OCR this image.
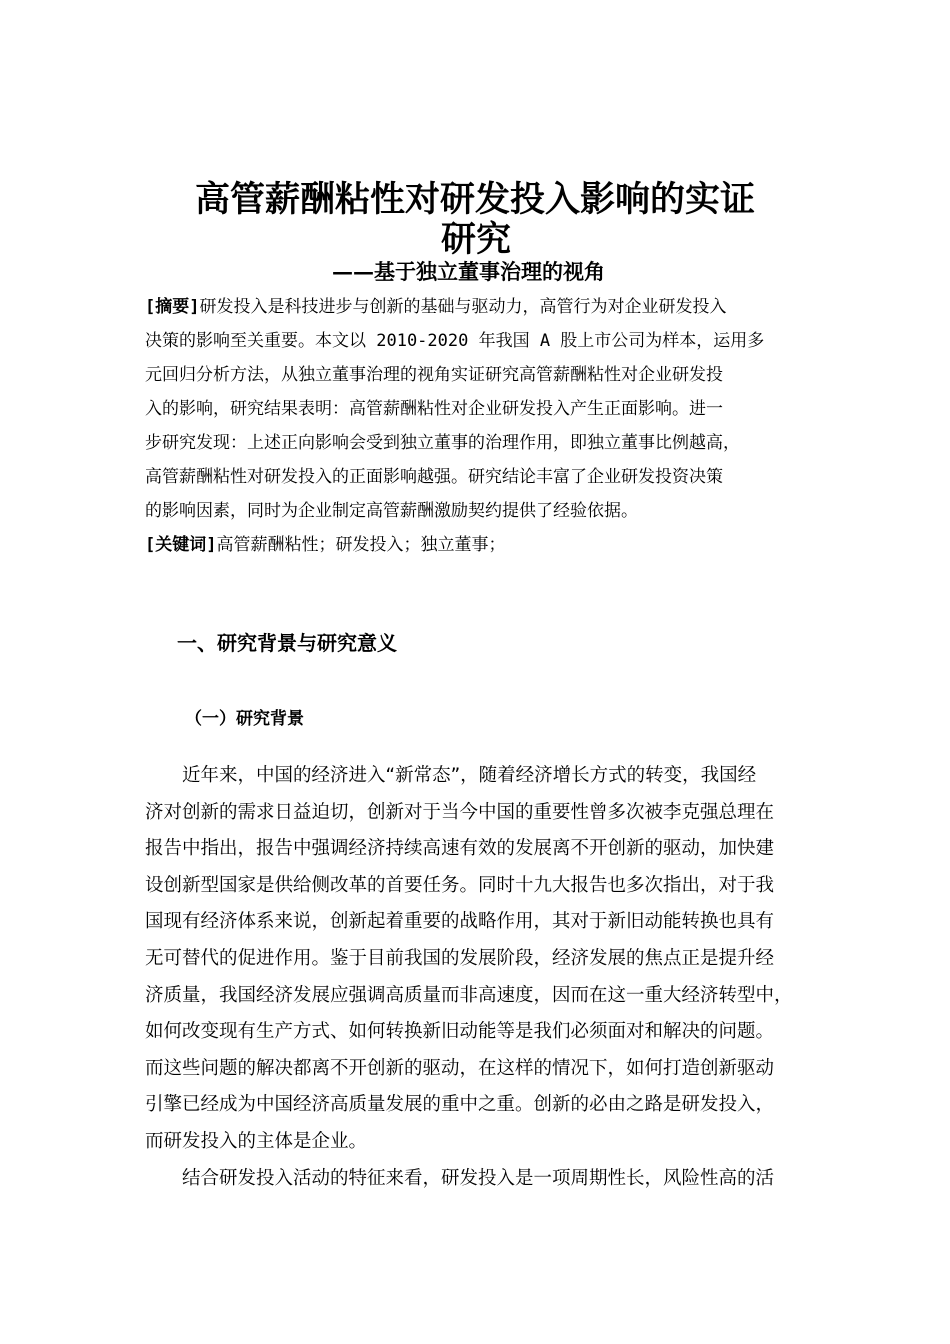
高管薪酬粘性对研发投入影响的实证
研究
——基于独立董事治理的视角
[摘要]研发投入是科技进步与创新的基础与驱动力，高管行为对企业研发投入
决策的影响至关重要。本文以 2010-2020 年我国 A 股上市公司为样本，运用多
元回归分析方法，从独立董事治理的视角实证研究高管薪酬粘性对企业研发投
入的影响，研究结果表明：高管薪酬粘性对企业研发投入产生正面影响。进一
步研究发现：上述正向影响会受到独立董事的治理作用，即独立董事比例越高，
高管薪酬粘性对研发投入的正面影响越强。研究结论丰富了企业研发投资决策
的影响因素，同时为企业制定高管薪酬激励契约提供了经验依据。
[关键词]高管薪酬粘性；研发投入；独立董事；
一、研究背景与研究意义
（一）研究背景
近年来，中国的经济进入“新常态”，随着经济增长方式的转变，我国经
济对创新的需求日益迫切，创新对于当今中国的重要性曾多次被李克强总理在
报告中指出，报告中强调经济持续高速有效的发展离不开创新的驱动，加快建
设创新型国家是供给侧改革的首要任务。同时十九大报告也多次指出，对于我
国现有经济体系来说，创新起着重要的战略作用，其对于新旧动能转换也具有
无可替代的促进作用。鉴于目前我国的发展阶段，经济发展的焦点正是提升经
济质量，我国经济发展应强调高质量而非高速度，因而在这一重大经济转型中，
如何改变现有生产方式、如何转换新旧动能等是我们必须面对和解决的问题。
而这些问题的解决都离不开创新的驱动，在这样的情况下，如何打造创新驱动
引擎已经成为中国经济高质量发展的重中之重。创新的必由之路是研发投入，
而研发投入的主体是企业。
结合研发投入活动的特征来看，研发投入是一项周期性长，风险性高的活
